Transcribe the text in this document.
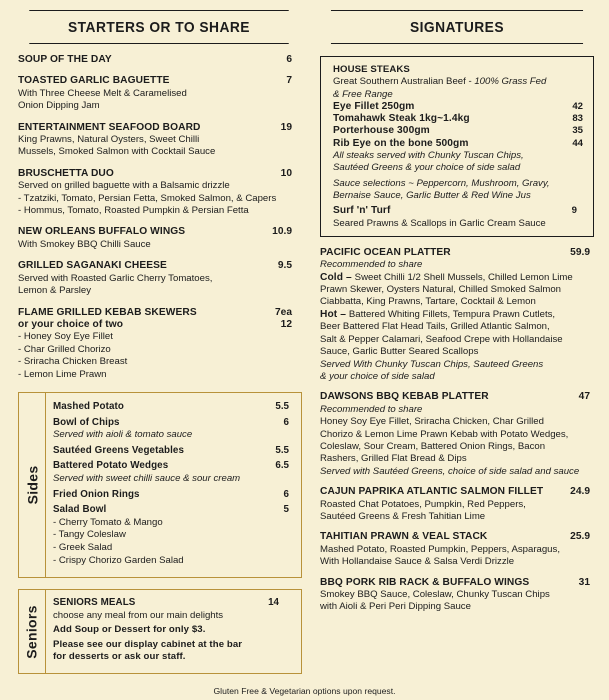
STARTERS OR TO SHARE
SOUP OF THE DAY	6
TOASTED GARLIC BAGUETTE	7
With Three Cheese Melt & Caramelised
Onion Dipping Jam
ENTERTAINMENT SEAFOOD BOARD	19
King Prawns, Natural Oysters, Sweet Chilli
Mussels, Smoked Salmon with Cocktail Sauce
BRUSCHETTA DUO	10
Served on grilled baguette with a Balsamic drizzle
- Tzatziki, Tomato, Persian Fetta, Smoked Salmon, & Capers
- Hommus, Tomato, Roasted Pumpkin & Persian Fetta
NEW ORLEANS BUFFALO WINGS	10.9
With Smokey BBQ Chilli Sauce
GRILLED SAGANAKI CHEESE	9.5
Served with Roasted Garlic Cherry Tomatoes,
Lemon & Parsley
FLAME GRILLED KEBAB SKEWERS	7ea
or your choice of two	12
- Honey Soy Eye Fillet
- Char Grilled Chorizo
- Sriracha Chicken Breast
- Lemon Lime Prawn
Sides
Mashed Potato	5.5
Bowl of Chips	6
Served with aioli & tomato sauce
Sautéed Greens Vegetables	5.5
Battered Potato Wedges	6.5
Served with sweet chilli sauce & sour cream
Fried Onion Rings	6
Salad Bowl	5
- Cherry Tomato & Mango
- Tangy Coleslaw
- Greek Salad
- Crispy Chorizo Garden Salad
Seniors
SENIORS MEALS	14
choose any meal from our main delights
Add Soup or Dessert for only $3.
Please see our display cabinet at the bar
for desserts or ask our staff.
SIGNATURES
HOUSE STEAKS
Great Southern Australian Beef - 100% Grass Fed
& Free Range
Eye Fillet 250gm	42
Tomahawk Steak 1kg~1.4kg	83
Porterhouse 300gm	35
Rib Eye on the bone 500gm	44
All steaks served with Chunky Tuscan Chips,
Sautéed Greens & your choice of side salad
Sauce selections ~ Peppercorn, Mushroom, Gravy,
Bernaise Sauce, Garlic Butter & Red Wine Jus
Surf 'n' Turf	9
Seared Prawns & Scallops in Garlic Cream Sauce
PACIFIC OCEAN PLATTER	59.9
Recommended to share
Cold – Sweet Chilli 1/2 Shell Mussels, Chilled Lemon Lime
Prawn Skewer, Oysters Natural, Chilled Smoked Salmon
Ciabbatta, King Prawns, Tartare, Cocktail & Lemon
Hot – Battered Whiting Fillets, Tempura Prawn Cutlets,
Beer Battered Flat Head Tails, Grilled Atlantic Salmon,
Salt & Pepper Calamari, Seafood Crepe with Hollandaise
Sauce, Garlic Butter Seared Scallops
Served With Chunky Tuscan Chips, Sauteed Greens
& your choice of side salad
DAWSONS BBQ KEBAB PLATTER	47
Recommended to share
Honey Soy Eye Fillet, Sriracha Chicken, Char Grilled
Chorizo & Lemon Lime Prawn Kebab with Potato Wedges,
Coleslaw, Sour Cream, Battered Onion Rings, Bacon
Rashers, Grilled Flat Bread & Dips
Served with Sautéed Greens, choice of side salad and sauce
CAJUN PAPRIKA ATLANTIC SALMON FILLET	24.9
Roasted Chat Potatoes, Pumpkin, Red Peppers,
Sautéed Greens & Fresh Tahitian Lime
TAHITIAN PRAWN & VEAL STACK	25.9
Mashed Potato, Roasted Pumpkin, Peppers, Asparagus,
With Hollandaise Sauce & Salsa Verdi Drizzle
BBQ PORK RIB RACK & BUFFALO WINGS	31
Smokey BBQ Sauce, Coleslaw, Chunky Tuscan Chips
with Aioli & Peri Peri Dipping Sauce
Gluten Free & Vegetarian options upon request.
